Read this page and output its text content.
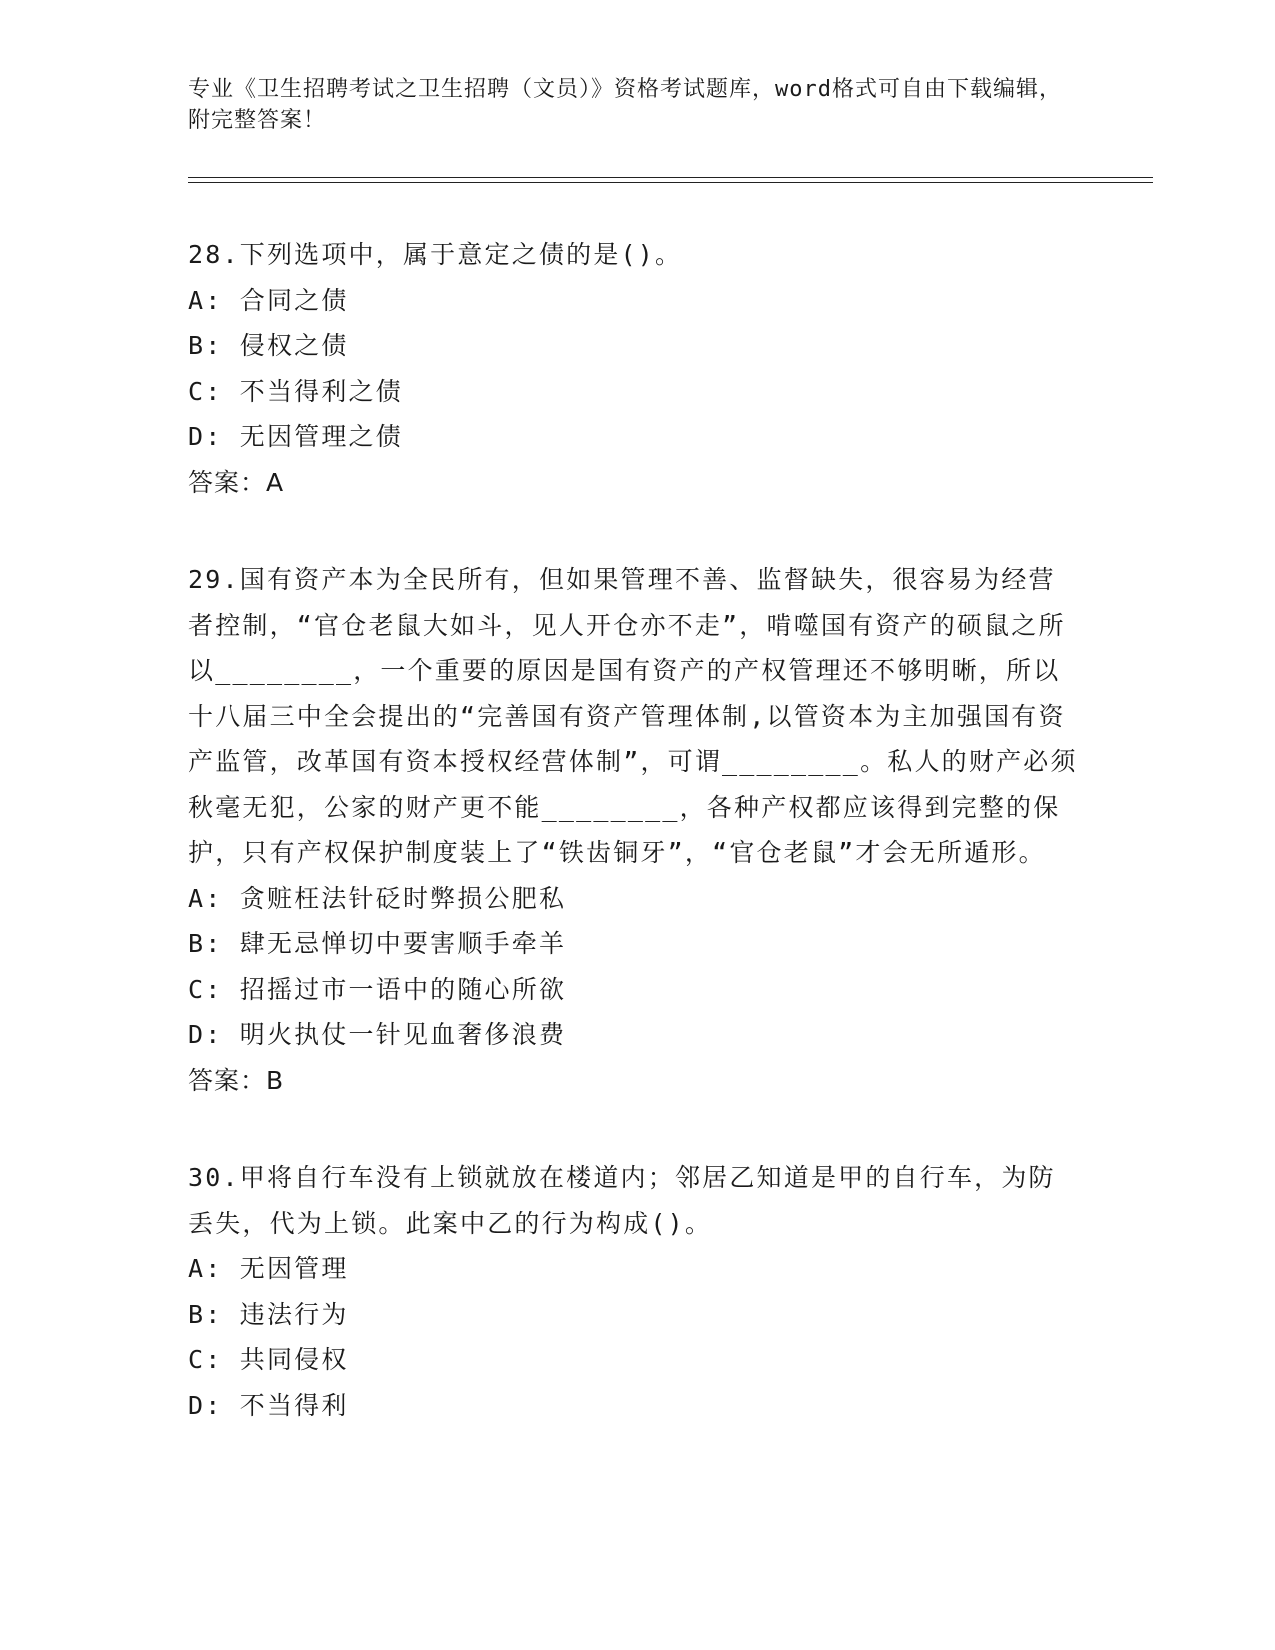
专业《卫生招聘考试之卫生招聘（文员）》资格考试题库，word格式可自由下载编辑，附完整答案！

28.下列选项中，属于意定之债的是()。

A: 合同之债
B: 侵权之债
C: 不当得利之债
D: 无因管理之债
答案：A

29.国有资产本为全民所有，但如果管理不善、监督缺失，很容易为经营者控制，“官仓老鼠大如斗，见人开仓亦不走”，啃噬国有资产的硕鼠之所以________，一个重要的原因是国有资产的产权管理还不够明晰，所以十八届三中全会提出的“完善国有资产管理体制,以管资本为主加强国有资产监管，改革国有资本授权经营体制”，可谓________。私人的财产必须秋毫无犯，公家的财产更不能________，各种产权都应该得到完整的保护，只有产权保护制度装上了“铁齿铜牙”，“官仓老鼠”才会无所遁形。

A: 贪赃枉法针砭时弊损公肥私
B: 肆无忌惮切中要害顺手牵羊
C: 招摇过市一语中的随心所欲
D: 明火执仗一针见血奢侈浪费
答案：B

30.甲将自行车没有上锁就放在楼道内；邻居乙知道是甲的自行车，为防丢失，代为上锁。此案中乙的行为构成()。

A: 无因管理
B: 违法行为
C: 共同侵权
D: 不当得利
